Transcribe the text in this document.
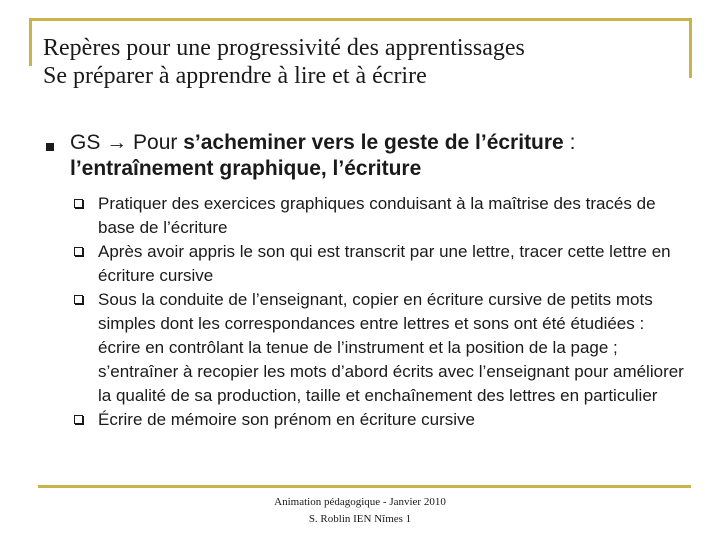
Repères pour une progressivité des apprentissages
Se préparer à apprendre à lire et à écrire
GS → Pour s’acheminer vers le geste de l’écriture : l’entraînement graphique, l’écriture
Pratiquer des exercices graphiques conduisant à la maîtrise des tracés de base de l’écriture
Après avoir appris le son qui est transcrit par une lettre, tracer cette lettre en écriture cursive
Sous la conduite de l’enseignant, copier en écriture cursive de petits mots simples dont les correspondances entre lettres et sons ont été étudiées : écrire en contrôlant la tenue de l’instrument et la position de la page ; s’entraîner à recopier les mots d’abord écrits avec l’enseignant pour améliorer la qualité de sa production, taille et enchaînement des lettres en particulier
Écrire de mémoire son prénom en écriture cursive
Animation pédagogique - Janvier 2010
S. Roblin IEN Nîmes 1
